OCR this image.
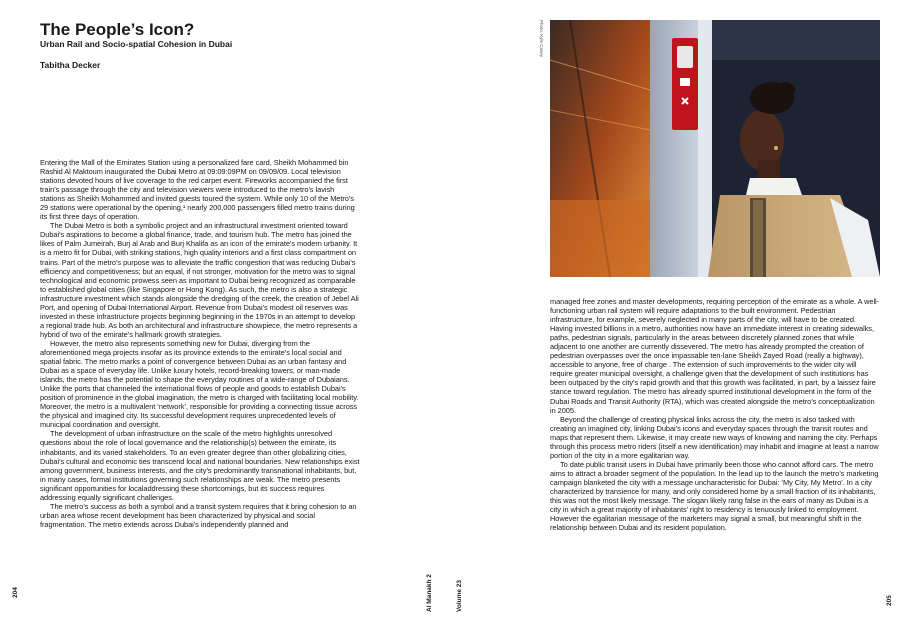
The People’s Icon?
Urban Rail and Socio-spatial Cohesion in Dubai
Tabitha Decker

Entering the Mall of the Emirates Station using a personalized fare card, Sheikh Mohammed bin Rashid Al Maktoum inaugurated the Dubai Metro at 09:09:09PM on 09/09/09. Local television stations devoted hours of live coverage to the red carpet event. Fireworks accompanied the first train’s passage through the city and television viewers were introduced to the metro’s lavish stations as Sheikh Mohammed and invited guests toured the system. While only 10 of the Metro’s 29 stations were operational by the opening,¹ nearly 200,000 passengers filled metro trains during its first three days of operation.

The Dubai Metro is both a symbolic project and an infrastructural investment oriented toward Dubai’s aspirations to become a global finance, trade, and tourism hub. The metro has joined the likes of Palm Jumeirah, Burj al Arab and Burj Khalifa as an icon of the emirate’s modern urbanity. It is a metro fit for Dubai, with striking stations, high quality interiors and a first class compartment on trains. Part of the metro’s purpose was to alleviate the traffic congestion that was reducing Dubai’s efficiency and competitiveness; but an equal, if not stronger, motivation for the metro was to signal technological and economic prowess seen as important to Dubai being recognized as comparable to established global cities (like Singapore or Hong Kong). As such, the metro is also a strategic infrastructure investment which stands alongside the dredging of the creek, the creation of Jebel Ali Port, and opening of Dubai International Airport. Revenue from Dubai’s modest oil reserves was invested in these infrastructure projects beginning beginning in the 1970s in an attempt to develop a regional trade hub. As both an architectural and infrastructure showpiece, the metro represents a hybrid of two of the emirate’s hallmark growth strategies.

However, the metro also represents something new for Dubai, diverging from the aforementioned mega projects insofar as its province extends to the emirate’s local social and spatial fabric. The metro marks a point of convergence between Dubai as an urban fantasy and Dubai as a space of everyday life. Unlike luxury hotels, record-breaking towers, or man-made islands, the metro has the potential to shape the everyday routines of a wide-range of Dubaians. Unlike the ports that channeled the international flows of people and goods to establish Dubai’s position of prominence in the global imagination, the metro is charged with facilitating local mobility. Moreover, the metro is a multivalent ‘network’, responsible for providing a connecting tissue across the physical and imagined city. Its successful development requires unprecedented levels of municipal coordination and oversight.

The development of urban infrastructure on the scale of the metro highlights unresolved questions about the role of local governance and the relationship(s) between the emirate, its inhabitants, and its varied stakeholders. To an even greater degree than other globalizing cities, Dubai’s cultural and economic ties transcend local and national boundaries. New relationships exist among government, business interests, and the city’s predominantly transnational inhabitants, but, in many cases, formal institutions governing such relationships are weak. The metro presents significant opportunities for localaddressing these shortcomings, but its success requires addressing equally significant challenges.

The metro’s success as both a symbol and a transit system requires that it bring cohesion to an urban area whose recent development has been characterized by physical and social fragmentation. The metro extends across Dubai’s independently planned and

204	Al Manakh 2	Volume 23
Photo: Kyle Casey

managed free zones and master developments, requiring perception of the emirate as a whole. A well-functioning urban rail system will require adaptations to the built environment. Pedestrian infrastructure, for example, severely neglected in many parts of the city, will have to be created. Having invested billions in a metro, authorities now have an immediate interest in creating sidewalks, paths, pedestrian signals, particularly in the areas between discretely planned zones that while adjacent to one another are currently dissevered. The metro has already prompted the creation of pedestrian overpasses over the once impassable ten-lane Sheikh Zayed Road (really a highway), accessible to anyone, free of charge . The extension of such improvements to the wider city will require greater municipal oversight, a challenge given that the development of such institutions has been outpaced by the city’s rapid growth and that this growth was facilitated, in part, by a laissez faire stance toward regulation. The metro has already spurred institutional development in the form of the Dubai Roads and Transit Authority (RTA), which was created alongside the metro’s conceptualization in 2005.

Beyond the challenge of creating physical links across the city, the metro is also tasked with creating an imagined city, linking Dubai’s icons and everyday spaces through the transit routes and maps that represent them. Likewise, it may create new ways of knowing and naming the city. Perhaps through this process metro riders (itself a new identification) may inhabit and imagine at least a narrow portion of the city in a more egalitarian way.

To date public transit users in Dubai have primarily been those who cannot afford cars. The metro aims to attract a broader segment of the population. In the lead up to the launch the metro’s marketing campaign blanketed the city with a message uncharacteristic for Dubai: ‘My City, My Metro’. In a city characterized by transience for many, and only considered home by a small fraction of its inhabitants, this was not the most likely message. The slogan likely rang false in the ears of many as Dubai is a city in which a great majority of inhabitants’ right to residency is tenuously linked to employment. However the egalitarian message of the marketers may signal a small, but meaningful shift in the relationship between Dubai and its resident population.

205
